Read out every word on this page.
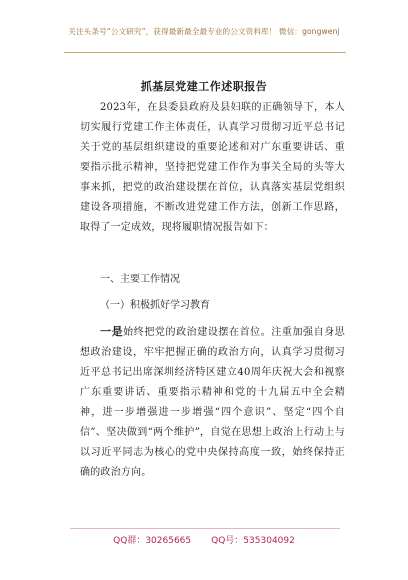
关注头条号“公文研究”，获得最新最全最专业的公文资料库！ 微信：gongwenj
抓基层党建工作述职报告
2023年，在县委县政府及县妇联的正确领导下，本人切实履行党建工作主体责任，认真学习贯彻习近平总书记关于党的基层组织建设的重要论述和对广东重要讲话、重要指示批示精神，坚持把党建工作作为事关全局的头等大事来抓，把党的政治建设摆在首位，认真落实基层党组织建设各项措施，不断改进党建工作方法，创新工作思路，取得了一定成效，现将履职情况报告如下：
一、主要工作情况
（一）积极抓好学习教育
一是始终把党的政治建设摆在首位。注重加强自身思想政治建设，牢牢把握正确的政治方向，认真学习贯彻习近平总书记出席深圳经济特区建立40周年庆祝大会和视察广东重要讲话、重要指示精神和党的十九届五中全会精神，进一步增强进一步增强“四个意识”、坚定“四个自信”、坚决做到“两个维护”，自觉在思想上政治上行动上与以习近平同志为核心的党中央保持高度一致，始终保持正确的政治方向。
QQ群：30265665 QQ号：535304092
